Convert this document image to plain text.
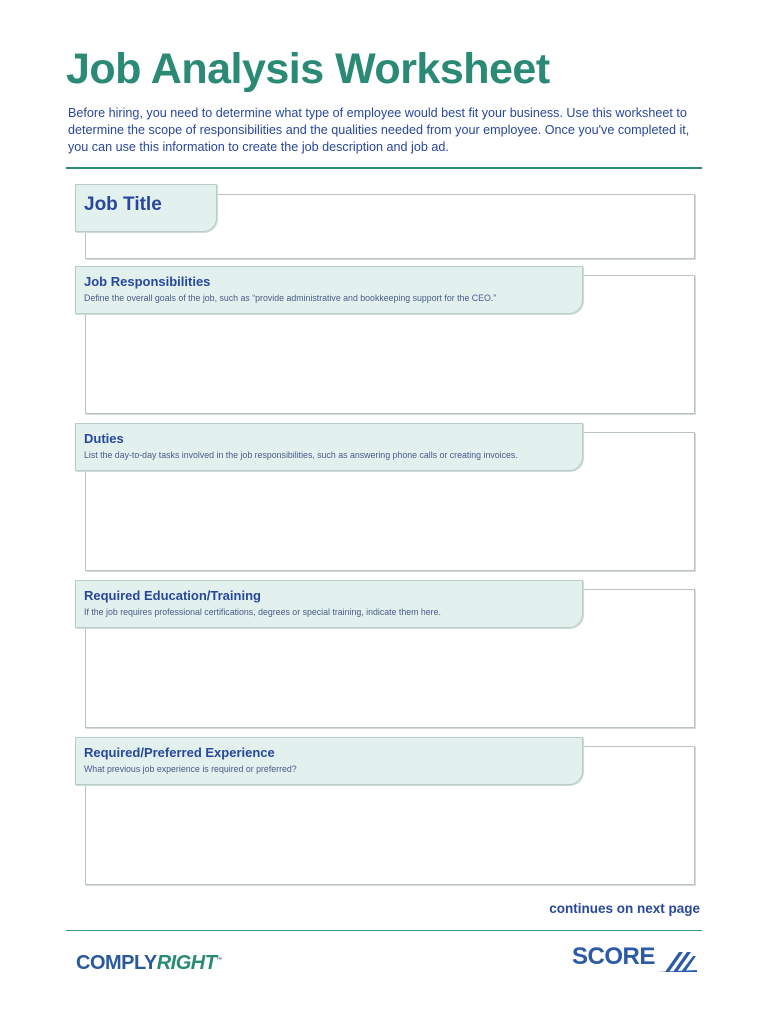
Job Analysis Worksheet
Before hiring, you need to determine what type of employee would best fit your business. Use this worksheet to determine the scope of responsibilities and the qualities needed from your employee. Once you've completed it, you can use this information to create the job description and job ad.
Job Title
Job Responsibilities
Define the overall goals of the job, such as “provide administrative and bookkeeping support for the CEO.”
Duties
List the day-to-day tasks involved in the job responsibilities, such as answering phone calls or creating invoices.
Required Education/Training
If the job requires professional certifications, degrees or special training, indicate them here.
Required/Preferred Experience
What previous job experience is required or preferred?
continues on next page
COMPLYRIGHT™	SCORE
